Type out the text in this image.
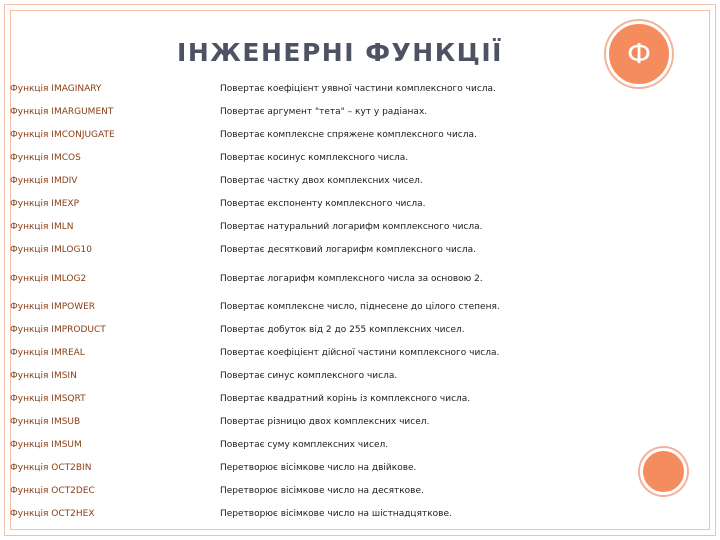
ІНЖЕНЕРНІ ФУНКЦІЇ	Ф
Функція IMAGINARY	Повертає коефіцієнт уявної частини комплексного числа.
Функція IMARGUMENT	Повертає аргумент "тета" – кут у радіанах.
Функція IMCONJUGATE	Повертає комплексне спряжене комплексного числа.
Функція IMCOS	Повертає косинус комплексного числа.
Функція IMDIV	Повертає частку двох комплексних чисел.
Функція IMEXP	Повертає експоненту комплексного числа.
Функція IMLN	Повертає натуральний логарифм комплексного числа.
Функція IMLOG10	Повертає десятковий логарифм комплексного числа.
Функція IMLOG2	Повертає логарифм комплексного числа за основою 2.
Функція IMPOWER	Повертає комплексне число, піднесене до цілого степеня.
Функція IMPRODUCT	Повертає добуток від 2 до 255 комплексних чисел.
Функція IMREAL	Повертає коефіцієнт дійсної частини комплексного числа.
Функція IMSIN	Повертає синус комплексного числа.
Функція IMSQRT	Повертає квадратний корінь із комплексного числа.
Функція IMSUB	Повертає різницю двох комплексних чисел.
Функція IMSUM	Повертає суму комплексних чисел.
Функція OCT2BIN	Перетворює вісімкове число на двійкове.
Функція OCT2DEC	Перетворює вісімкове число на десяткове.
Функція OCT2HEX	Перетворює вісімкове число на шістнадцяткове.
